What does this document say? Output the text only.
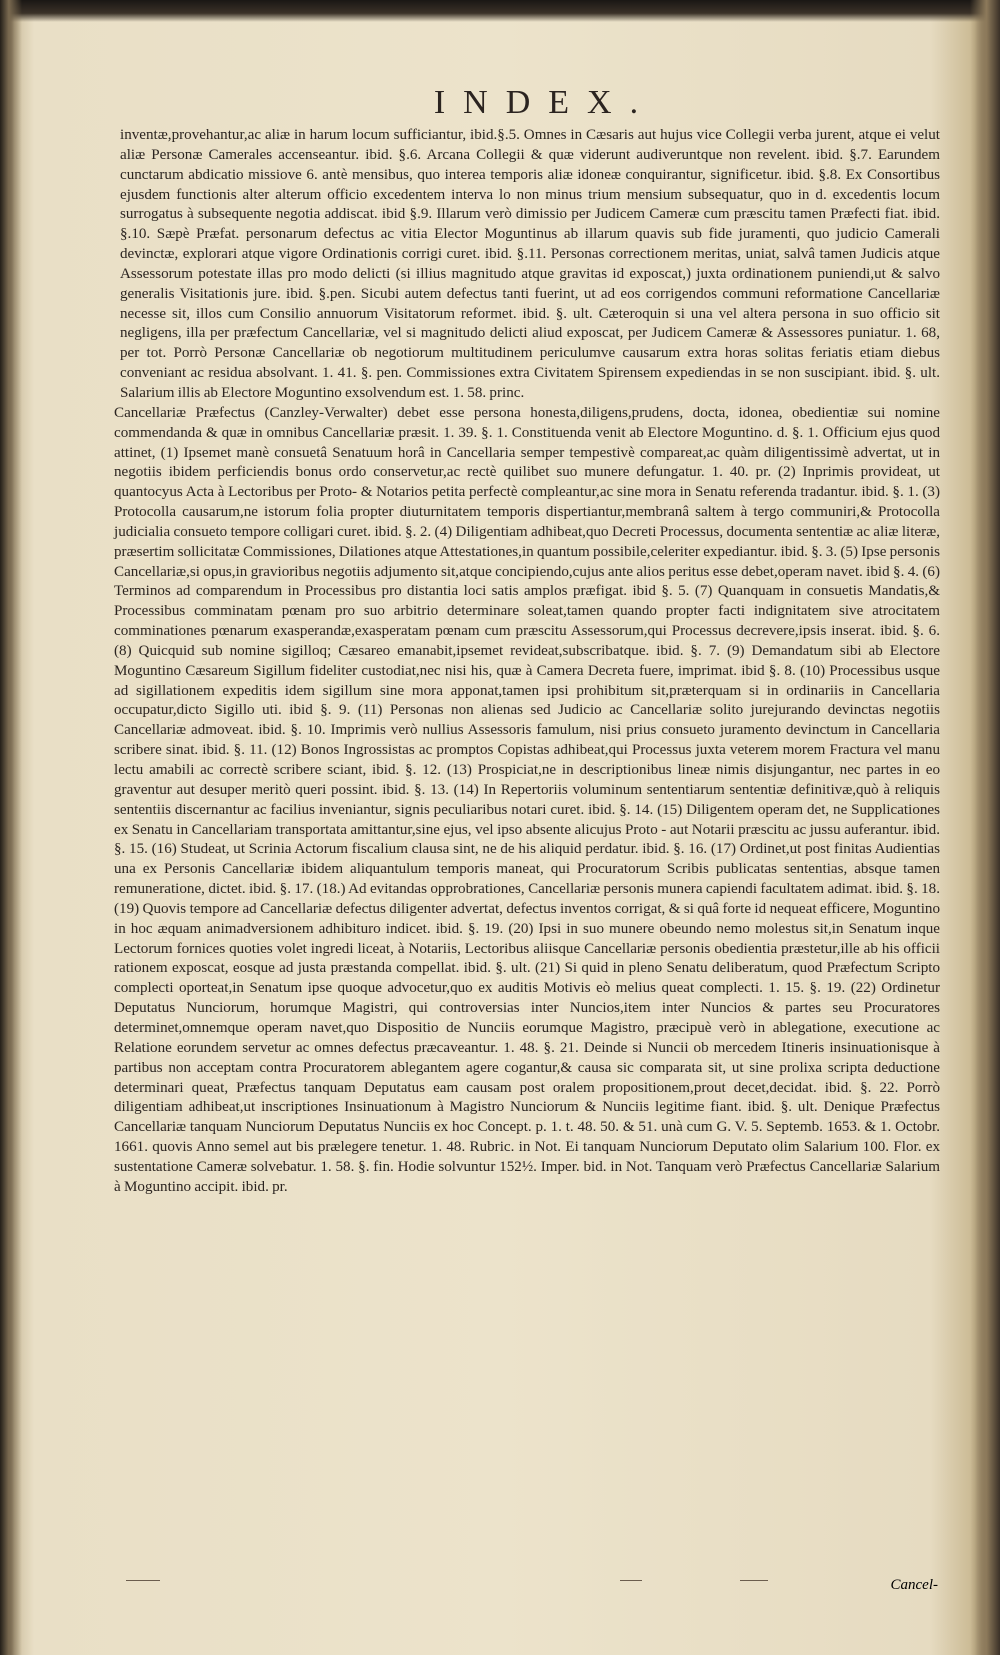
INDEX.

inventæ,provehantur,ac aliæ in harum locum sufficiantur, ibid.§.5. Omnes in Cæsaris aut hujus vice Collegii verba jurent, atque ei velut aliæ Personæ Camerales accenseantur. ibid. §.6. Arcana Collegii & quæ viderunt audiveruntque non revelent. ibid. §.7. Earundem cunctarum abdicatio missiove 6. antè mensibus, quo interea temporis aliæ idoneæ conquirantur, significetur. ibid. §.8. Ex Consortibus ejusdem functionis alter alterum officio excedentem interva lo non minus trium mensium subsequatur, quo in d. excedentis locum surrogatus à subsequente negotia addiscat. ibid §.9. Illarum verò dimissio per Judicem Cameræ cum præscitu tamen Præfecti fiat. ibid. §.10. Sæpè Præfat. personarum defectus ac vitia Elector Moguntinus ab illarum quavis sub fide juramenti, quo judicio Camerali devinctæ, explorari atque vigore Ordinationis corrigi curet. ibid. §.11. Personas correctionem meritas, uniat, salvâ tamen Judicis atque Assessorum potestate illas pro modo delicti (si illius magnitudo atque gravitas id exposcat,) juxta ordinationem puniendi,ut & salvo generalis Visitationis jure. ibid. §.pen. Sicubi autem defectus tanti fuerint, ut ad eos corrigendos communi reformatione Cancellariæ necesse sit, illos cum Consilio annuorum Visitatorum reformet. ibid. §. ult. Cæteroquin si una vel altera persona in suo officio sit negligens, illa per præfectum Cancellariæ, vel si magnitudo delicti aliud exposcat, per Judicem Cameræ & Assessores puniatur. 1. 68, per tot. Porrò Personæ Cancellariæ ob negotiorum multitudinem periculumve causarum extra horas solitas feriatis etiam diebus conveniant ac residua absolvant. 1. 41. §. pen. Commissiones extra Civitatem Spirensem expediendas in se non suscipiant. ibid. §. ult. Salarium illis ab Electore Moguntino exsolvendum est. 1. 58. princ.

Cancellariæ Præfectus (Canzley-Verwalter) debet esse persona honesta,diligens,prudens, docta, idonea, obedientiæ sui nomine commendanda & quæ in omnibus Cancellariæ præsit. 1. 39. §. 1. Constituenda venit ab Electore Moguntino. d. §. 1. Officium ejus quod attinet, (1) Ipsemet manè consuetâ Senatuum horâ in Cancellaria semper tempestivè compareat,ac quàm diligentissimè advertat, ut in negotiis ibidem perficiendis bonus ordo conservetur,ac rectè quilibet suo munere defungatur. 1. 40. pr. (2) Inprimis provideat, ut quantocyus Acta à Lectoribus per Proto- & Notarios petita perfectè compleantur,ac sine mora in Senatu referenda tradantur. ibid. §. 1. (3) Protocolla causarum,ne istorum folia propter diuturnitatem temporis dispertiantur,membranâ saltem à tergo communiri,& Protocolla judicialia consueto tempore colligari curet. ibid. §. 2. (4) Diligentiam adhibeat,quo Decreti Processus, documenta sententiæ ac aliæ literæ, præsertim sollicitatæ Commissiones, Dilationes atque Attestationes,in quantum possibile,celeriter expediantur. ibid. §. 3. (5) Ipse personis Cancellariæ,si opus,in gravioribus negotiis adjumento sit,atque concipiendo,cujus ante alios peritus esse debet,operam navet. ibid §. 4. (6) Terminos ad comparendum in Processibus pro distantia loci satis amplos præfigat. ibid §. 5. (7) Quanquam in consuetis Mandatis,& Processibus comminatam pœnam pro suo arbitrio determinare soleat,tamen quando propter facti indignitatem sive atrocitatem comminationes pœnarum exasperandæ,exasperatam pœnam cum præscitu Assessorum,qui Processus decrevere,ipsis inserat. ibid. §. 6. (8) Quicquid sub nomine sigilloq; Cæsareo emanabit,ipsemet revideat,subscribatque. ibid. §. 7. (9) Demandatum sibi ab Electore Moguntino Cæsareum Sigillum fideliter custodiat,nec nisi his, quæ à Camera Decreta fuere, imprimat. ibid §. 8. (10) Processibus usque ad sigillationem expeditis idem sigillum sine mora apponat,tamen ipsi prohibitum sit,præterquam si in ordinariis in Cancellaria occupatur,dicto Sigillo uti. ibid §. 9. (11) Personas non alienas sed Judicio ac Cancellariæ solito jurejurando devinctas negotiis Cancellariæ admoveat. ibid. §. 10. Imprimis verò nullius Assessoris famulum, nisi prius consueto juramento devinctum in Cancellaria scribere sinat. ibid. §. 11. (12) Bonos Ingrossistas ac promptos Copistas adhibeat,qui Processus juxta veterem morem Fractura vel manu lectu amabili ac correctè scribere sciant, ibid. §. 12. (13) Prospiciat,ne in descriptionibus lineæ nimis disjungantur, nec partes in eo graventur aut desuper meritò queri possint. ibid. §. 13. (14) In Repertoriis voluminum sententiarum sententiæ definitivæ,quò à reliquis sententiis discernantur ac facilius inveniantur, signis peculiaribus notari curet. ibid. §. 14. (15) Diligentem operam det, ne Supplicationes ex Senatu in Cancellariam transportata amittantur,sine ejus, vel ipso absente alicujus Proto - aut Notarii præscitu ac jussu auferantur. ibid. §. 15. (16) Studeat, ut Scrinia Actorum fiscalium clausa sint, ne de his aliquid perdatur. ibid. §. 16. (17) Ordinet,ut post finitas Audientias una ex Personis Cancellariæ ibidem aliquantulum temporis maneat, qui Procuratorum Scribis publicatas sententias, absque tamen remuneratione, dictet. ibid. §. 17. (18.) Ad evitandas opprobrationes, Cancellariæ personis munera capiendi facultatem adimat. ibid. §. 18. (19) Quovis tempore ad Cancellariæ defectus diligenter advertat, defectus inventos corrigat, & si quâ forte id nequeat efficere, Moguntino in hoc æquam animadversionem adhibituro indicet. ibid. §. 19. (20) Ipsi in suo munere obeundo nemo molestus sit,in Senatum inque Lectorum fornices quoties volet ingredi liceat, à Notariis, Lectoribus aliisque Cancellariæ personis obedientia præstetur,ille ab his officii rationem exposcat, eosque ad justa præstanda compellat. ibid. §. ult. (21) Si quid in pleno Senatu deliberatum, quod Præfectum Scripto complecti oporteat,in Senatum ipse quoque advocetur,quo ex auditis Motivis eò melius queat complecti. 1. 15. §. 19. (22) Ordinetur Deputatus Nunciorum, horumque Magistri, qui controversias inter Nuncios,item inter Nuncios & partes seu Procuratores determinet,omnemque operam navet,quo Dispositio de Nunciis eorumque Magistro, præcipuè verò in ablegatione, executione ac Relatione eorundem servetur ac omnes defectus præcaveantur. 1. 48. §. 21. Deinde si Nuncii ob mercedem Itineris insinuationisque à partibus non acceptam contra Procuratorem ablegantem agere cogantur,& causa sic comparata sit, ut sine prolixa scripta deductione determinari queat, Præfectus tanquam Deputatus eam causam post oralem propositionem,prout decet,decidat. ibid. §. 22. Porrò diligentiam adhibeat,ut inscriptiones Insinuationum à Magistro Nunciorum & Nunciis legitime fiant. ibid. §. ult. Denique Præfectus Cancellariæ tanquam Nunciorum Deputatus Nunciis ex hoc Concept. p. 1. t. 48. 50. & 51. unà cum G. V. 5. Septemb. 1653. & 1. Octobr. 1661. quovis Anno semel aut bis prælegere tenetur. 1. 48. Rubric. in Not. Ei tanquam Nunciorum Deputato olim Salarium 100. Flor. ex sustentatione Cameræ solvebatur. 1. 58. §. fin. Hodie solvuntur 152½. Imper. bid. in Not. Tanquam verò Præfectus Cancellariæ Salarium à Moguntino accipit. ibid. pr.

Cancel-
